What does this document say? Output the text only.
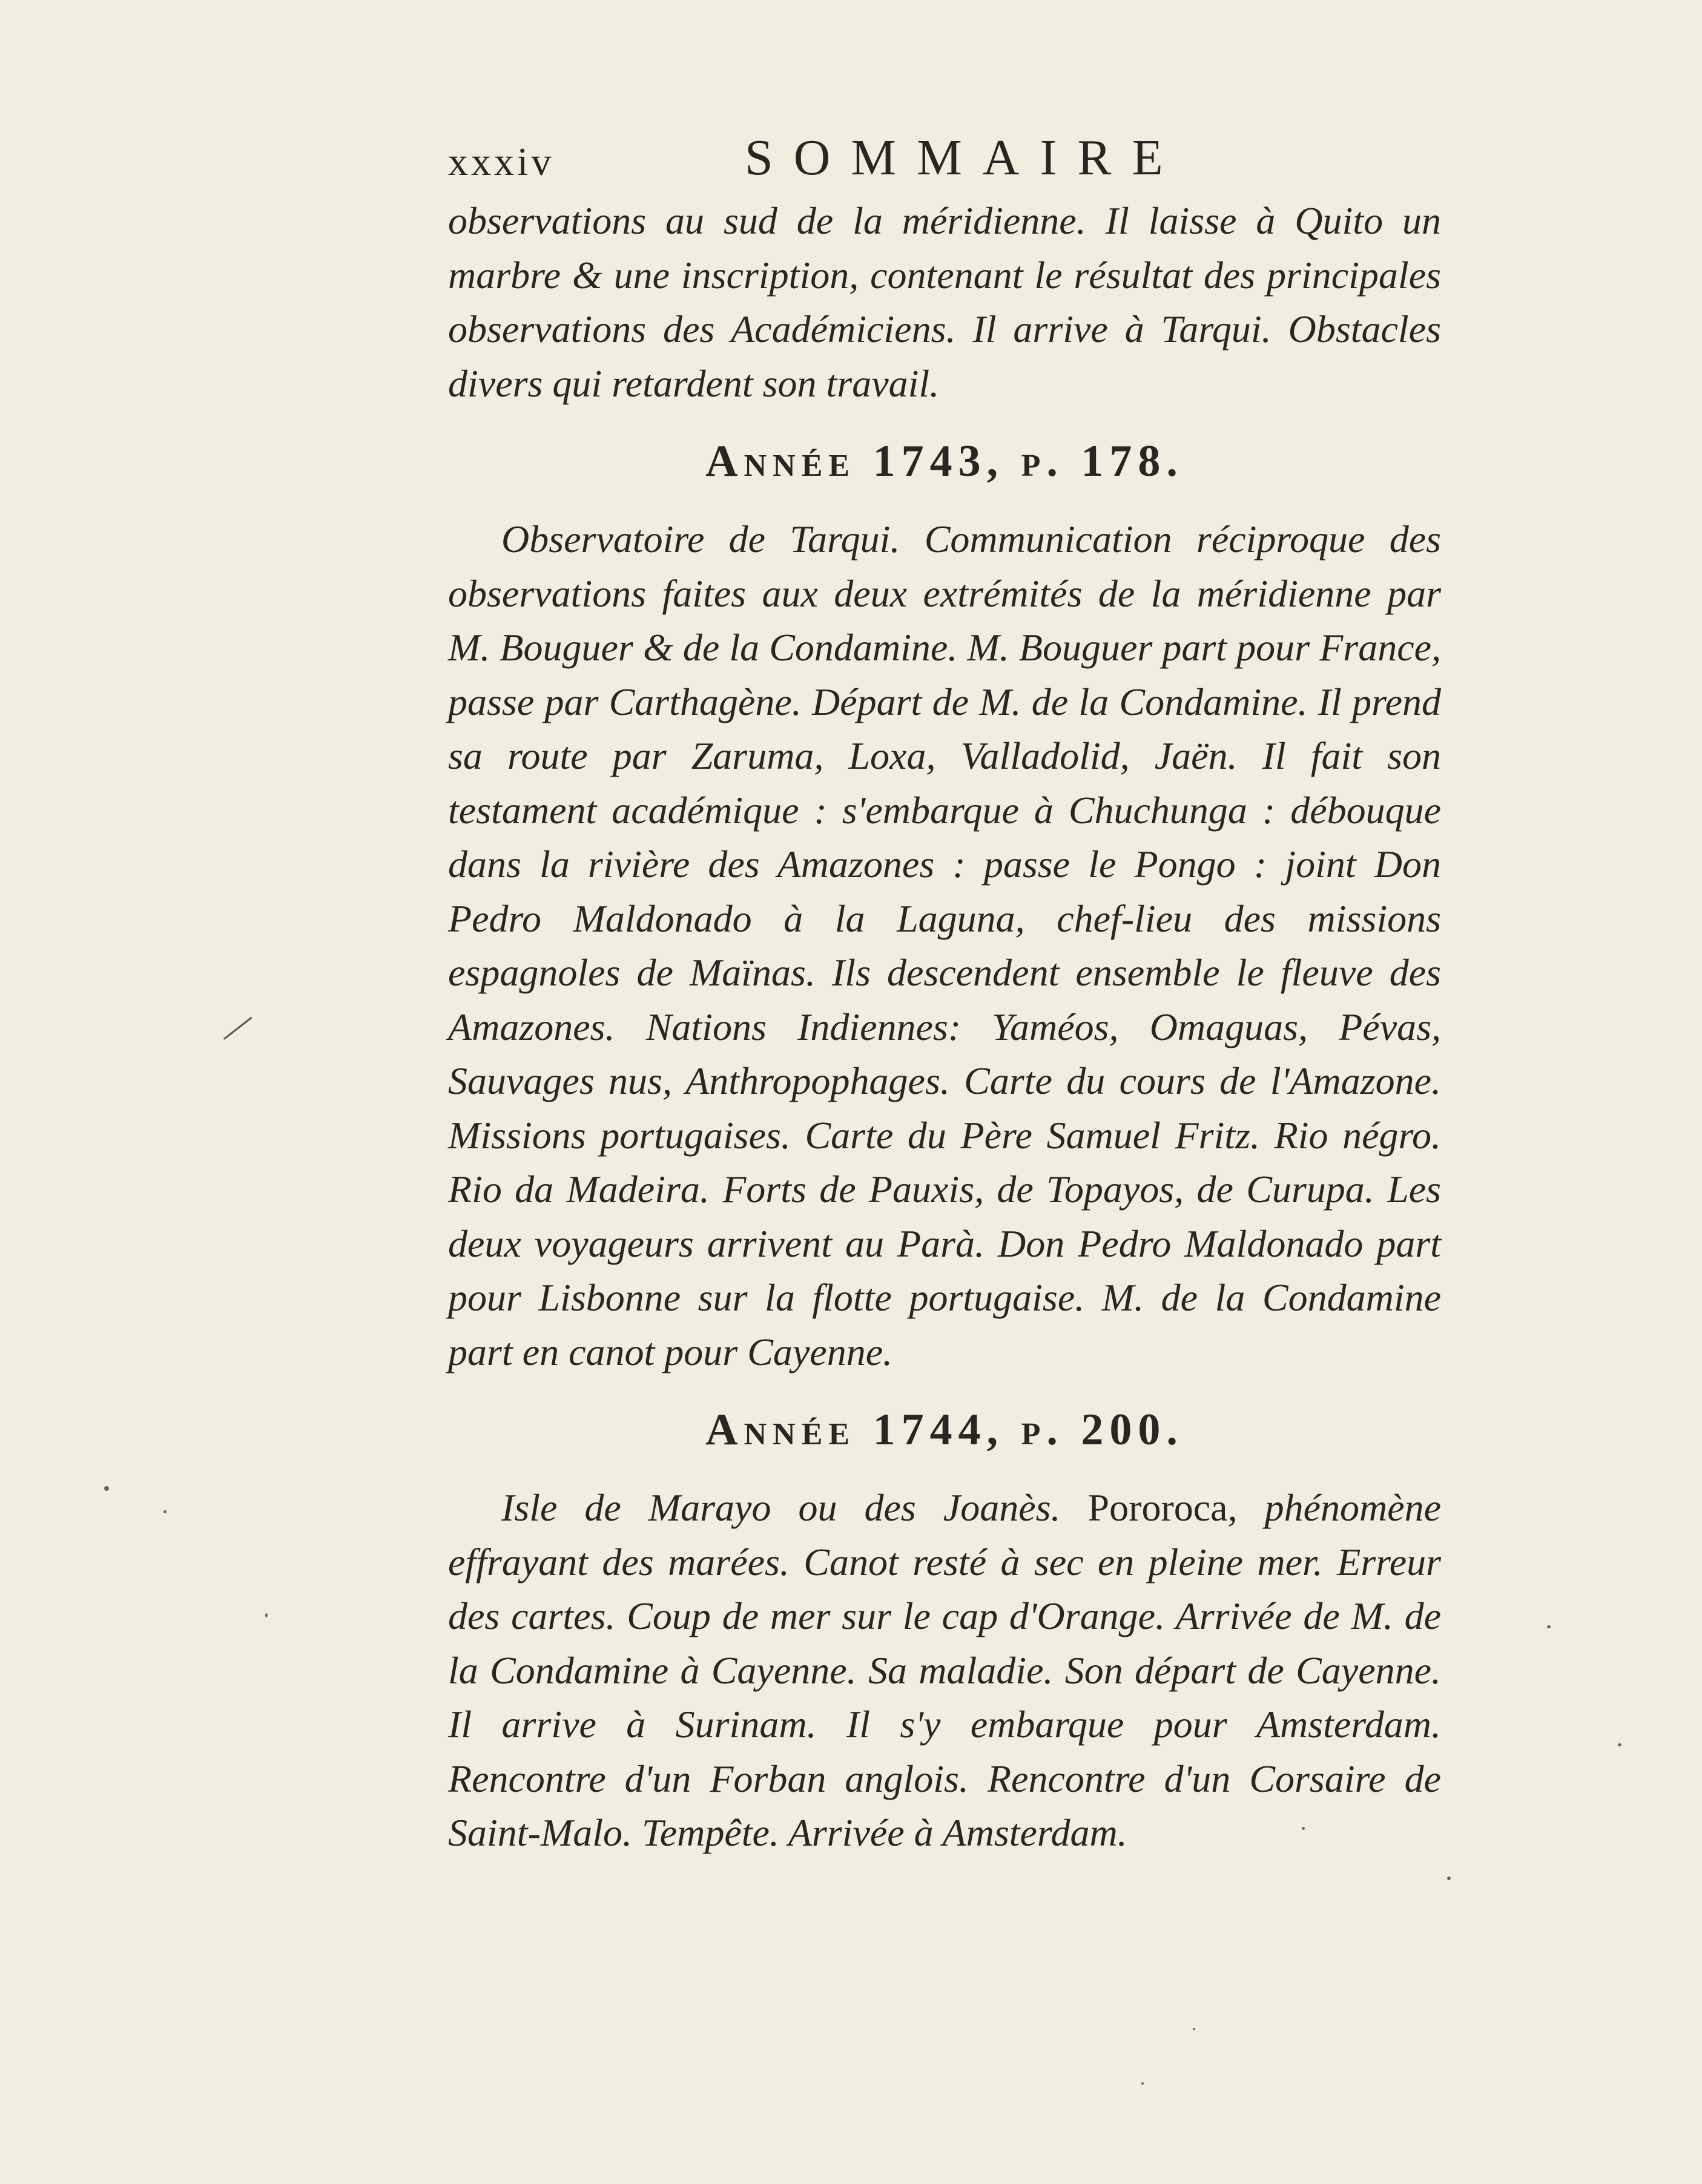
xxxiv	SOMMAIRE

observations au sud de la méridienne. Il laisse à Quito un marbre & une inscription, contenant le résultat des principales observations des Académiciens. Il arrive à Tarqui. Obstacles divers qui retardent son travail.

Année 1743, p. 178.

Observatoire de Tarqui. Communication réciproque des observations faites aux deux extrémités de la méridienne par M. Bouguer & de la Condamine. M. Bouguer part pour France, passe par Carthagène. Départ de M. de la Condamine. Il prend sa route par Zaruma, Loxa, Valladolid, Jaën. Il fait son testament académique : s'embarque à Chuchunga : débouque dans la rivière des Amazones : passe le Pongo : joint Don Pedro Maldonado à la Laguna, chef-lieu des missions espagnoles de Maïnas. Ils descendent ensemble le fleuve des Amazones. Nations Indiennes: Yaméos, Omaguas, Pévas, Sauvages nus, Anthropophages. Carte du cours de l'Amazone. Missions portugaises. Carte du Père Samuel Fritz. Rio négro. Rio da Madeira. Forts de Pauxis, de Topayos, de Curupa. Les deux voyageurs arrivent au Parà. Don Pedro Maldonado part pour Lisbonne sur la flotte portugaise. M. de la Condamine part en canot pour Cayenne.

Année 1744, p. 200.

Isle de Marayo ou des Joanès. Pororoca, phénomène effrayant des marées. Canot resté à sec en pleine mer. Erreur des cartes. Coup de mer sur le cap d'Orange. Arrivée de M. de la Condamine à Cayenne. Sa maladie. Son départ de Cayenne. Il arrive à Surinam. Il s'y embarque pour Amsterdam. Rencontre d'un Forban anglois. Rencontre d'un Corsaire de Saint-Malo. Tempête. Arrivée à Amsterdam.
